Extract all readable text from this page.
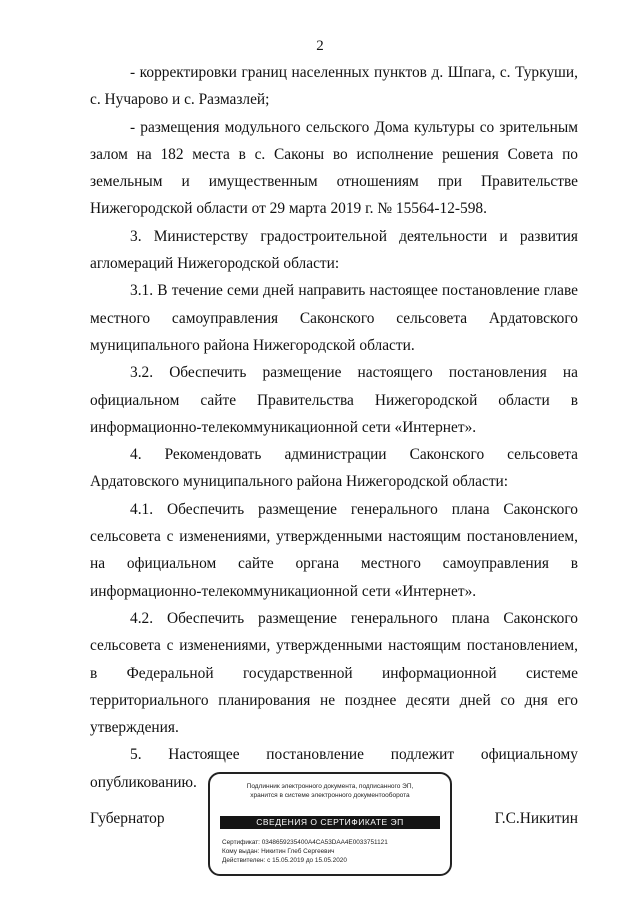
2

- корректировки границ населенных пунктов д. Шпага, с. Туркуши, с. Нучарово и с. Размазлей;

- размещения модульного сельского Дома культуры со зрительным залом на 182 места в с. Саконы во исполнение решения Совета по земельным и имущественным отношениям при Правительстве Нижегородской области от 29 марта 2019 г. № 15564-12-598.

3. Министерству градостроительной деятельности и развития агломераций Нижегородской области:

3.1. В течение семи дней направить настоящее постановление главе местного самоуправления Саконского сельсовета Ардатовского муниципального района Нижегородской области.

3.2. Обеспечить размещение настоящего постановления на официальном сайте Правительства Нижегородской области в информационно-телекоммуникационной сети «Интернет».

4. Рекомендовать администрации Саконского сельсовета Ардатовского муниципального района Нижегородской области:

4.1. Обеспечить размещение генерального плана Саконского сельсовета с изменениями, утвержденными настоящим постановлением, на официальном сайте органа местного самоуправления в информационно-телекоммуникационной сети «Интернет».

4.2. Обеспечить размещение генерального плана Саконского сельсовета с изменениями, утвержденными настоящим постановлением, в Федеральной государственной информационной системе территориального планирования не позднее десяти дней со дня его утверждения.

5. Настоящее постановление подлежит официальному опубликованию.

Губернатор	Г.С.Никитин
Подлинник электронного документа, подписанного ЭП,
хранится в системе электронного документооборота
СВЕДЕНИЯ О СЕРТИФИКАТЕ ЭП
Сертификат: 0348659235400A4CA53DAA4E0033751121
Кому выдан: Никитин Глеб Сергеевич
Действителен: с 15.05.2019 до 15.05.2020
